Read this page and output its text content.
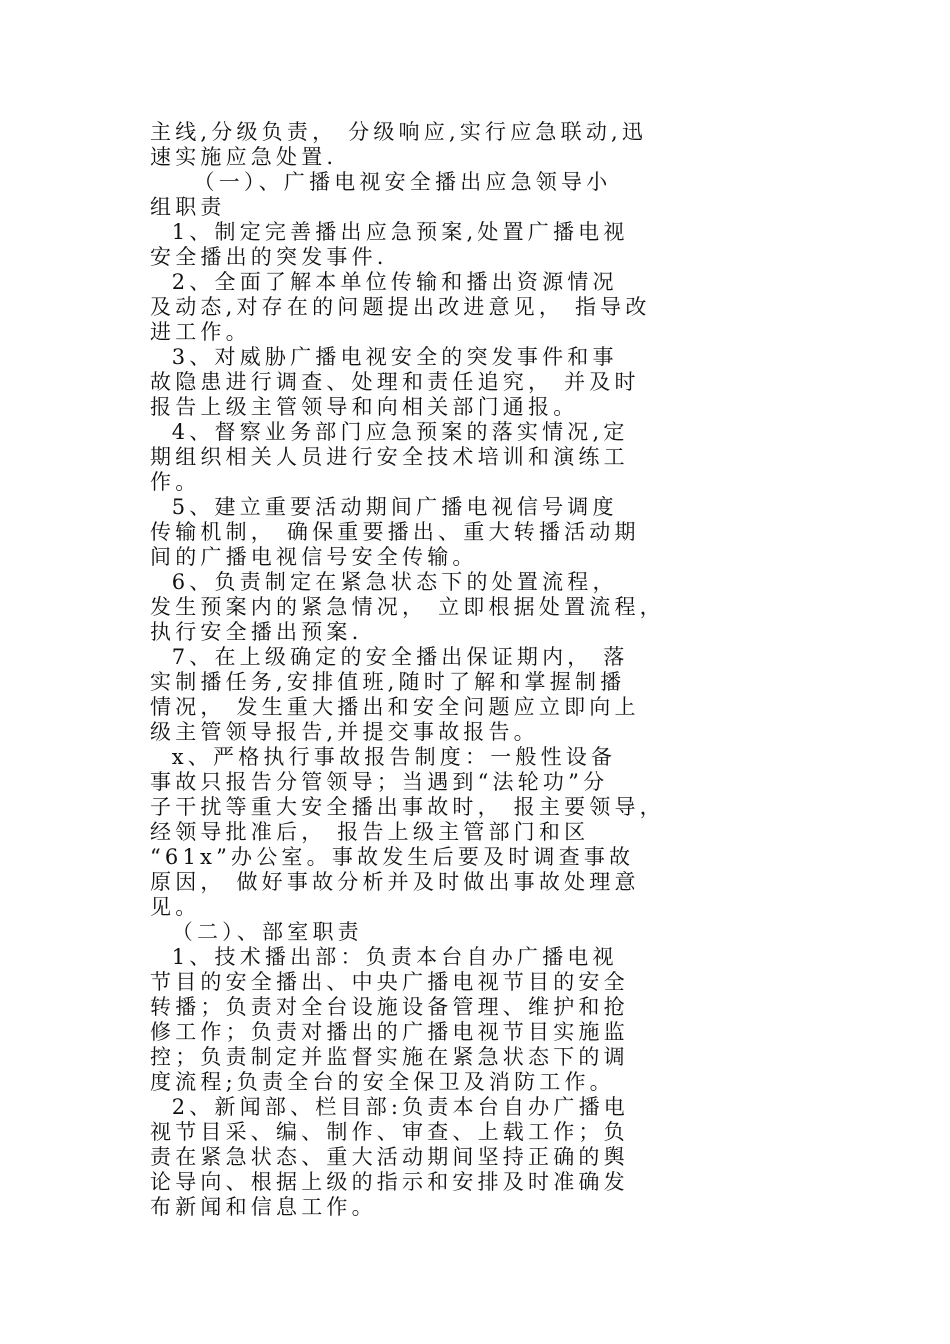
主线,分级负责， 分级响应,实行应急联动,迅
速实施应急处置.
（一）、广播电视安全播出应急领导小
组职责
1、制定完善播出应急预案,处置广播电视
安全播出的突发事件.
2、全面了解本单位传输和播出资源情况
及动态,对存在的问题提出改进意见， 指导改
进工作。
3、对威胁广播电视安全的突发事件和事
故隐患进行调查、处理和责任追究， 并及时
报告上级主管领导和向相关部门通报。
4、督察业务部门应急预案的落实情况,定
期组织相关人员进行安全技术培训和演练工
作。
5、建立重要活动期间广播电视信号调度
传输机制， 确保重要播出、重大转播活动期
间的广播电视信号安全传输。
6、负责制定在紧急状态下的处置流程，
发生预案内的紧急情况， 立即根据处置流程，
执行安全播出预案.
7、在上级确定的安全播出保证期内， 落
实制播任务,安排值班,随时了解和掌握制播
情况， 发生重大播出和安全问题应立即向上
级主管领导报告,并提交事故报告。
x、严格执行事故报告制度：一般性设备
事故只报告分管领导；当遇到“法轮功”分
子干扰等重大安全播出事故时， 报主要领导，
经领导批准后， 报告上级主管部门和区
“61x”办公室。事故发生后要及时调查事故
原因， 做好事故分析并及时做出事故处理意
见。
（二）、部室职责
1、技术播出部：负责本台自办广播电视
节目的安全播出、中央广播电视节目的安全
转播；负责对全台设施设备管理、维护和抢
修工作；负责对播出的广播电视节目实施监
控；负责制定并监督实施在紧急状态下的调
度流程;负责全台的安全保卫及消防工作。
2、新闻部、栏目部:负责本台自办广播电
视节目采、编、制作、审查、上载工作；负
责在紧急状态、重大活动期间坚持正确的舆
论导向、根据上级的指示和安排及时准确发
布新闻和信息工作。
